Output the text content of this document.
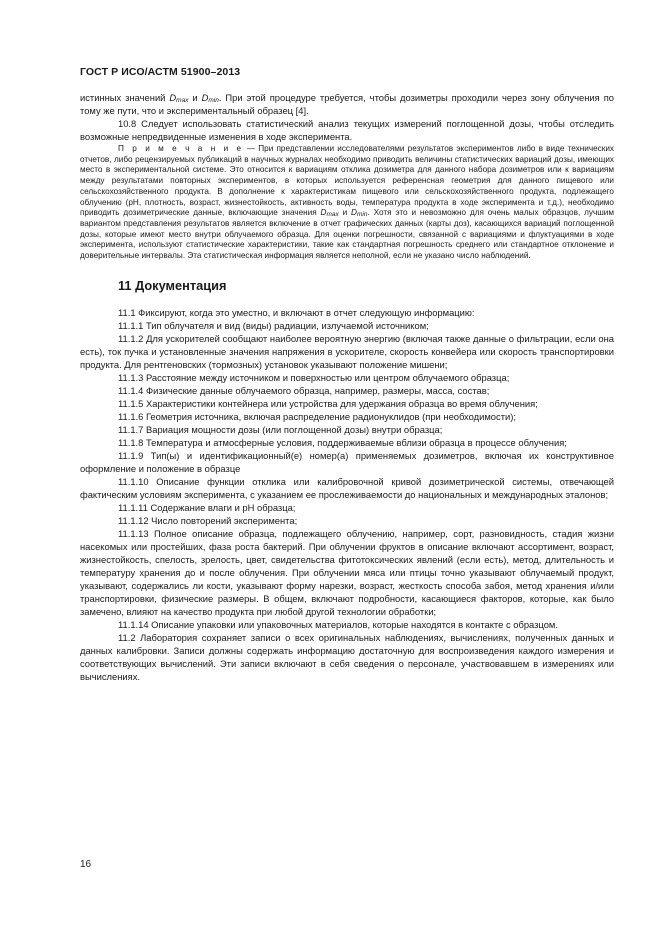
ГОСТ Р ИСО/АСТМ 51900–2013

истинных значений $D_{max}$ и $D_{min}$. При этой процедуре требуется, чтобы дозиметры проходили через зону облучения по тому же пути, что и экспериментальный образец [4].

10.8 Следует использовать статистический анализ текущих измерений поглощенной дозы, чтобы отследить возможные непредвиденные изменения в ходе эксперимента.

П р и м е ч а н и е — При представлении исследователями результатов экспериментов либо в виде технических отчетов, либо рецензируемых публикаций в научных журналах необходимо приводить величины статистических вариаций дозы, имеющих место в экспериментальной системе. Это относится к вариациям отклика дозиметра для данного набора дозиметров или к вариациям между результатами повторных экспериментов, в которых используется референсная геометрия для данного пищевого или сельскохозяйственного продукта. В дополнение к характеристикам пищевого или сельскохозяйственного продукта, подлежащего облучению (pH, плотность, возраст, жизнестойкость, активность воды, температура продукта в ходе эксперимента и т.д.), необходимо приводить дозиметрические данные, включающие значения $D_{max}$ и $D_{min}$. Хотя это и невозможно для очень малых образцов, лучшим вариантом представления результатов является включение в отчет графических данных (карты доз), касающихся вариаций поглощенной дозы, которые имеют место внутри облучаемого образца. Для оценки погрешности, связанной с вариациями и флуктуациями в ходе эксперимента, используют статистические характеристики, такие как стандартная погрешность среднего или стандартное отклонение и доверительные интервалы. Эта статистическая информация является неполной, если не указано число наблюдений.

11 Документация

11.1 Фиксируют, когда это уместно, и включают в отчет следующую информацию:

11.1.1 Тип облучателя и вид (виды) радиации, излучаемой источником;

11.1.2 Для ускорителей сообщают наиболее вероятную энергию (включая также данные о фильтрации, если она есть), ток пучка и установленные значения напряжения в ускорителе, скорость конвейера или скорость транспортировки продукта. Для рентгеновских (тормозных) установок указывают положение мишени;

11.1.3 Расстояние между источником и поверхностью или центром облучаемого образца;

11.1.4 Физические данные облучаемого образца, например, размеры, масса, состав;

11.1.5 Характеристики контейнера или устройства для удержания образца во время облучения;

11.1.6 Геометрия источника, включая распределение радионуклидов (при необходимости);

11.1.7 Вариация мощности дозы (или поглощенной дозы) внутри образца;

11.1.8 Температура и атмосферные условия, поддерживаемые вблизи образца в процессе облучения;

11.1.9 Тип(ы) и идентификационный(е) номер(а) применяемых дозиметров, включая их конструктивное оформление и положение в образце

11.1.10 Описание функции отклика или калибровочной кривой дозиметрической системы, отвечающей фактическим условиям эксперимента, с указанием ее прослеживаемости до национальных и международных эталонов;

11.1.11 Содержание влаги и pH образца;

11.1.12 Число повторений эксперимента;

11.1.13 Полное описание образца, подлежащего облучению, например, сорт, разновидность, стадия жизни насекомых или простейших, фаза роста бактерий. При облучении фруктов в описание включают ассортимент, возраст, жизнестойкость, спелость, зрелость, цвет, свидетельства фитотоксических явлений (если есть), метод, длительность и температуру хранения до и после облучения. При облучении мяса или птицы точно указывают облучаемый продукт, указывают, содержались ли кости, указывают форму нарезки, возраст, жесткость способа забоя, метод хранения и/или транспортировки, физические размеры. В общем, включают подробности, касающиеся факторов, которые, как было замечено, влияют на качество продукта при любой другой технологии обработки;

11.1.14 Описание упаковки или упаковочных материалов, которые находятся в контакте с образцом.

11.2 Лаборатория сохраняет записи о всех оригинальных наблюдениях, вычислениях, полученных данных и данных калибровки. Записи должны содержать информацию достаточную для воспроизведения каждого измерения и соответствующих вычислений. Эти записи включают в себя сведения о персонале, участвовавшем в измерениях или вычислениях.

16
